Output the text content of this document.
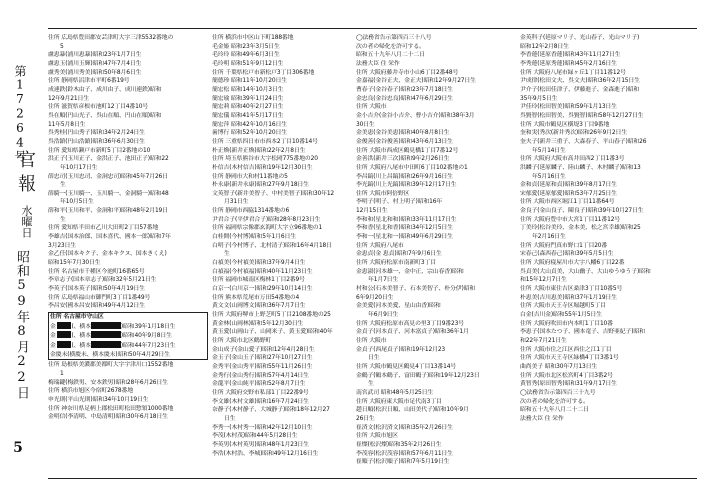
第17264号
官報
水曜日
昭和59年8月22日
5
住所 広島県豊田郡安芸津町大字三津5532番地の
5
盧恵暴(浦川恵暴)昭和23年1月7日生
盧恵玉(浦川玉輝)昭和47年7月4日生
盧秀美(浦川秀美)昭和50年8月6日生
住所 静岡県沼津市平町6番19号
成連鉄(鈴木由子、成川由子、成川連鉄)昭和
12年9月21日生
住所 滋賀県彦根市池町12丁目4番10号
呉在順(円山光子、呉山在順、円山在順)昭和
11年5月8日生
呉秀桂(円山秀子)昭和34年2月24日生
呉浩鎮(円山浩鎮)昭和36年6月30日生
住所 愛知県瀬戸市新町5丁目2番地の10
洪正子(玉川正子、金洪正子、池田正子)昭和22
年10月17日生
薛忠司(玉川忠司、金洞忠司)昭和45年7月26日
生
薛騎一(玉川騎一、玉川騎一、金洞騎一)昭和48
年10月5日生
薛和平(玉川和平、金洞和平)昭和48年2月19日
生
住所 愛知県半田市乙川大田町2丁目57番地
李雄吉(国本治郎、国本喜代、國本一郎)昭和7年
3月23日生
金乙任(国本キク子、金本キクヌ、国本きくえ)
昭和15年7月30日生
住所 名古屋市千種区今池町16番65号
李章志子(国本章志子)昭和32年5月21日生
李英子(国本英子)昭和50年4月19日生
住所 広島県福山市御門町3丁目1番49号
李昌安(國本昌安)昭和49年4月12日生
住所 名古屋市守山区
金 (、横本	)昭和39年1月18日生
金 (、横本	)昭和40年9月8日生
金 (、横本	)昭和44年7月23日生
金慶未(横慶未、横本慶未)昭和50年4月29日生
住所 島根県美濃郡美都町大字宇津川口1552番地
1
梅瑞鍵(梅鉄男、安本鉄男)昭和28年6月26日生
住所 横浜市旭区今宿町2678番地
申光則(平山光則)昭和34年10月19日生
住所 神奈川県足柄上郡松田町松田惣領1000番地
金明信(李清明、中島清明)昭和30年6月18日生
住所 横浜市中区山下町188番地
毛金姫 昭和23年3月5日生
毛玲玲 昭和49年6月3日生
毛玲明 昭和51年9月12日生
住所 千葉県松戸市新松戸3丁目306番地
簡德珍 昭和11年10月20日生
簡宏松 昭和14年10月3日生
簡宏瑜 昭和39年1月24日生
簡宏莉 昭和40年2月27日生
簡宏儀 昭和41年5月17日生
簡宏萍 昭和42年10月16日生
歯博行 昭和52年10月20日生
住所 三重県四日市市西本2丁目10番14号
朴正煥(新井正煥)昭和22年2月8日生
住所 埼玉県熊谷市大字松岡775番地の20
朴信吉(木村信吉)昭和19年12月30日生
住所 静岡市大和村11番地の5
朴永康(新井永康)昭和27年9月18日生
文英智子(新井美智子、中村美智子)昭和30年12
月31日生
住所 静岡市西脇1314番地の6
尹君合子(平伊君合子)昭和28年8月23日生
住所 福岡県宗像郡玄海町大字立96番地の1
白桂開(今村博)昭和5年1月6日生
白明子(今村博子、北村清子)昭和16年4月18日
生
白禎美(今村禎美)昭和37年9月4日生
白禎福(今村禎福)昭和40年11月23日生
住所 福岡市城南区梅林1丁目2番9号
白京一(白川京一)昭和29年10月14日生
住所 熊本県荒尾市万田54番地の4
黄文文(山岡博文)昭和36年7月7日生
住所 大阪府堺市上野芝町5丁目2108番地の25
黄金林(山岡林)昭和5年12月30日生
黄玉愛(山岡山子、山岡米子、黄玉愛)昭和40年
住所 大阪市北区鶴野町
金山成子(金山愛子)昭和12年4月28日生
金玉子(金山玉子)昭和27年10月27日生
金秀平(金山秀平)昭和55年11月26日生
金秀行(金山秀行)昭和57年4月14日生
金龍平(金山純平)昭和52年8月7日生
住所 大阪府交野市私部1丁目22番9号
李文雄(木村文雄)昭和16年7月24日生
奈静子(木村静子、大城静子)昭和18年12月27
日生
李秀一(木村秀一)昭和42年12月10日生
李茂(木村茂)昭和44年5月28日生
李英男(木村英男)昭和48年1月23日生
李浩(木村浩、李城)昭和49年12月16日生
◯法務省告示第四百三十八号
次の者の帰化を許可する。
昭和五十九年八月二十二日
法務大臣 住 栄作
住所 大阪府藤井寺市小山6丁目2番48号
金嘉福(金谷正夫、金正夫)昭和12年9月27日生
曹春子(金谷春子)昭和23年7月18日生
金忠良(金谷忠良)昭和47年6月29日生
住所 大阪市
金小吉介(金谷小吉介、曹小吉介)昭和38年3月
30日生
金美恵(金谷美恵)昭和40年8月8日生
金俊善(金谷俊善)昭和43年6月13日生
住所 大阪市西成区鶴見橋1丁目7番12号
金善洪(新井三次)昭和9年2月26日生
住所 大阪府八尾市中田町6丁目102番地の1
李昌鎬(川上昌鎬)昭和26年9月16日生
李光鎬(川上光鎬)昭和39年12月17日生
住所 大阪市阿倍野区
李明子(明子、村上明子)昭和16年
12月15日生
李和和(星北和和)昭和33年11月17日生
李和香(星北和香)昭和34年12月5日生
李和一(星北和一)昭和49年6月29日生
住所 大阪府八尾市
金恵貞(金 恵貞)昭和7年9月6日生
住所 大阪府松原市南新町3丁目
金恵淑(河本雄一、金中正、宗山春香)昭和
年1月7日生
村和公(石本美智子、石本美智子、朴分伊)昭和
6年9月20日生
金美愛(河本美愛、星山由香)昭和
年6月9日生
住所 大阪府松原市高見の里3丁目9番23号
金貞子(河本貞子、河本富貞子)昭和36年1月
住所 大阪市
金貞子(西尾貞子)昭和19年12月23
日生
住所 大阪市鶴見区鶴見4丁目13番14号
金鶴子(鶴本鶴子、富田鶴子)昭和19年12月23日
生
南宮武司 昭和48年5月25日生
住所 大阪府東大阪市足代南3丁目
趙日順(松沢日順、山田美代子)昭和10年9月
26日生
崔済文(松沢済文)昭和35年2月26日生
住所 大阪市旭区
崔燦(松沢燦)昭和35年2月26日生
李茂容(松沢茂容)昭和57年6月11日生
崔順子(松沢順子)昭和7年5月19日生
金英科子(延原マリ子、光山春子、光山マリ子)
昭和12年2月8日生
李香蓮(延原香蓮)昭和43年11月27日生
李秀蓮(延原秀蓮)昭和45年2月16日生
住所 大阪府八尾市緑ヶ丘1丁目11番12号
尹成律(松田文夫、呉文夫)昭和36年2月15日生
尹介子(松田佳津子、伊藤進子、金森進子)昭和
35年9月5日生
尹佳玲(松田智美)昭和59年1月13日生
呉賢智(松田智美、呉賢智)昭和58年12月27日生
住所 大阪市鶴見区横堤3丁目9番地
奎和実(秀次(新井秀次)昭和26年9月2日生
奎夫子(新井三重子、大森春子、平山春子)昭和26
年5月14日生
住所 大阪府大阪市高井田西2丁目1番3号
洪麟子(延原麟子、陸山麟子、木村麟子)昭和13
年5月16日生
金和貞(延原和貞)昭和39年8月17日生
宋郁愛(延原郁愛)昭和53年7月25日生
住所 大阪市西区堀江1丁目11番64号
金良子(金山良子、陳良子)昭和39年10月27日生
住所 大阪府豊中市大宮1丁目11番12号
丁美玲(松谷美玲、金本美、松之宮幸雄)昭和25
年2月16日生
住所 大阪府門真市野口1丁目20番
宋春己(森西春己)昭和39年5月5日生
住所 大阪府寝屋川市大字八幡6丁目22番
呉貞美(大山貞美、大山幽子、大山ゆうゆう子)昭和
和15年12月7日生
住所 大阪市東住吉区桑津3丁目10番5号
朴恵美(吉川恵美)昭和37年1月19日生
住所 大阪市天王寺区堀越町5丁目
白金(吉川金)昭和55年1月5日生
住所 大阪府吹田市内本町1丁目10番
李恵子(国本たつ子、國本竜子、吉野亜紀子)昭和
和22年7月21日生
住所 大阪市住之江区西住之江1丁目
住所 大阪市天王寺区緑橋4丁目3番1号
曲尚美子 昭和30年7月13日生
住所 大阪市北区松宮町4丁目3番2号
黄智秀(原田智秀)昭和31年9月17日生
◯法務省告示第四百三十九号
次の者の帰化を許可する。
昭和五十九年八月二十二日
法務大臣 住 栄作
